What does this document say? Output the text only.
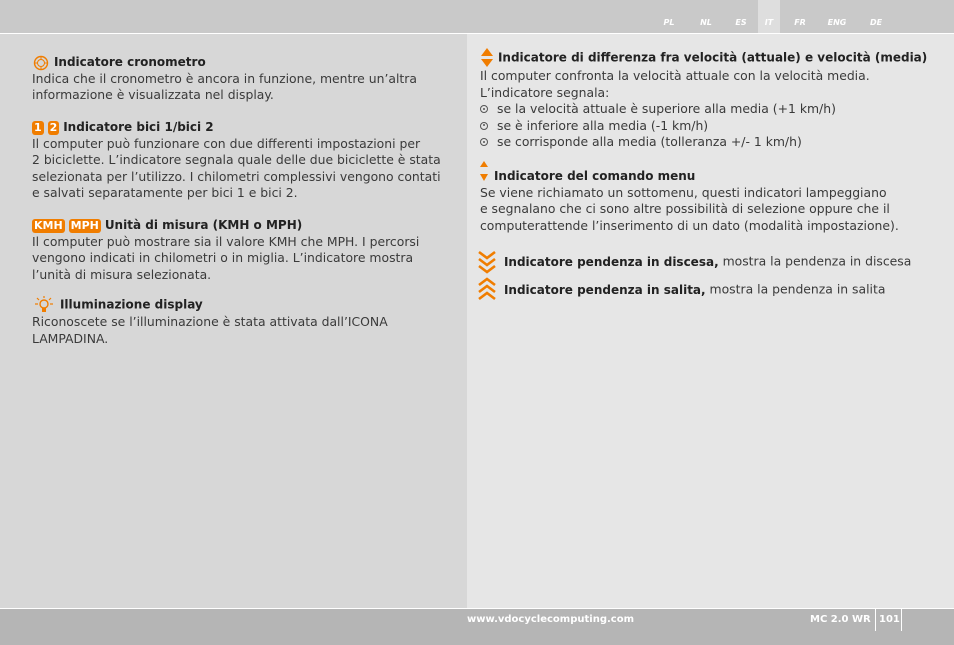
PL	NL	ES	IT	FR	ENG	DE
Indicatore cronometro
Indica che il cronometro è ancora in funzione, mentre un’altra
informazione è visualizzata nel display.
1 2 Indicatore bici 1/bici 2
Il computer può funzionare con due differenti impostazioni per
2 biciclette. L’indicatore segnala quale delle due biciclette è stata
selezionata per l’utilizzo. I chilometri complessivi vengono contati
e salvati separatamente per bici 1 e bici 2.
KMH MPH Unità di misura (KMH o MPH)
Il computer può mostrare sia il valore KMH che MPH. I percorsi
vengono indicati in chilometri o in miglia. L’indicatore mostra
l’unità di misura selezionata.
Illuminazione display
Riconoscete se l’illuminazione è stata attivata dall’ICONA LAMPADINA.
Indicatore di differenza fra velocità (attuale) e velocità (media)
Il computer confronta la velocità attuale con la velocità media.
L’indicatore segnala:
se la velocità attuale è superiore alla media (+1 km/h)
se è inferiore alla media (-1 km/h)
se corrisponde alla media (tolleranza +/- 1 km/h)
Indicatore del comando menu
Se viene richiamato un sottomenu, questi indicatori lampeggiano
e segnalano che ci sono altre possibilità di selezione oppure che il
computerattende l’inserimento di un dato (modalità impostazione).
Indicatore pendenza in discesa, mostra la pendenza in discesa
Indicatore pendenza in salita, mostra la pendenza in salita
www.vdocyclecomputing.com	MC 2.0 WR 101
